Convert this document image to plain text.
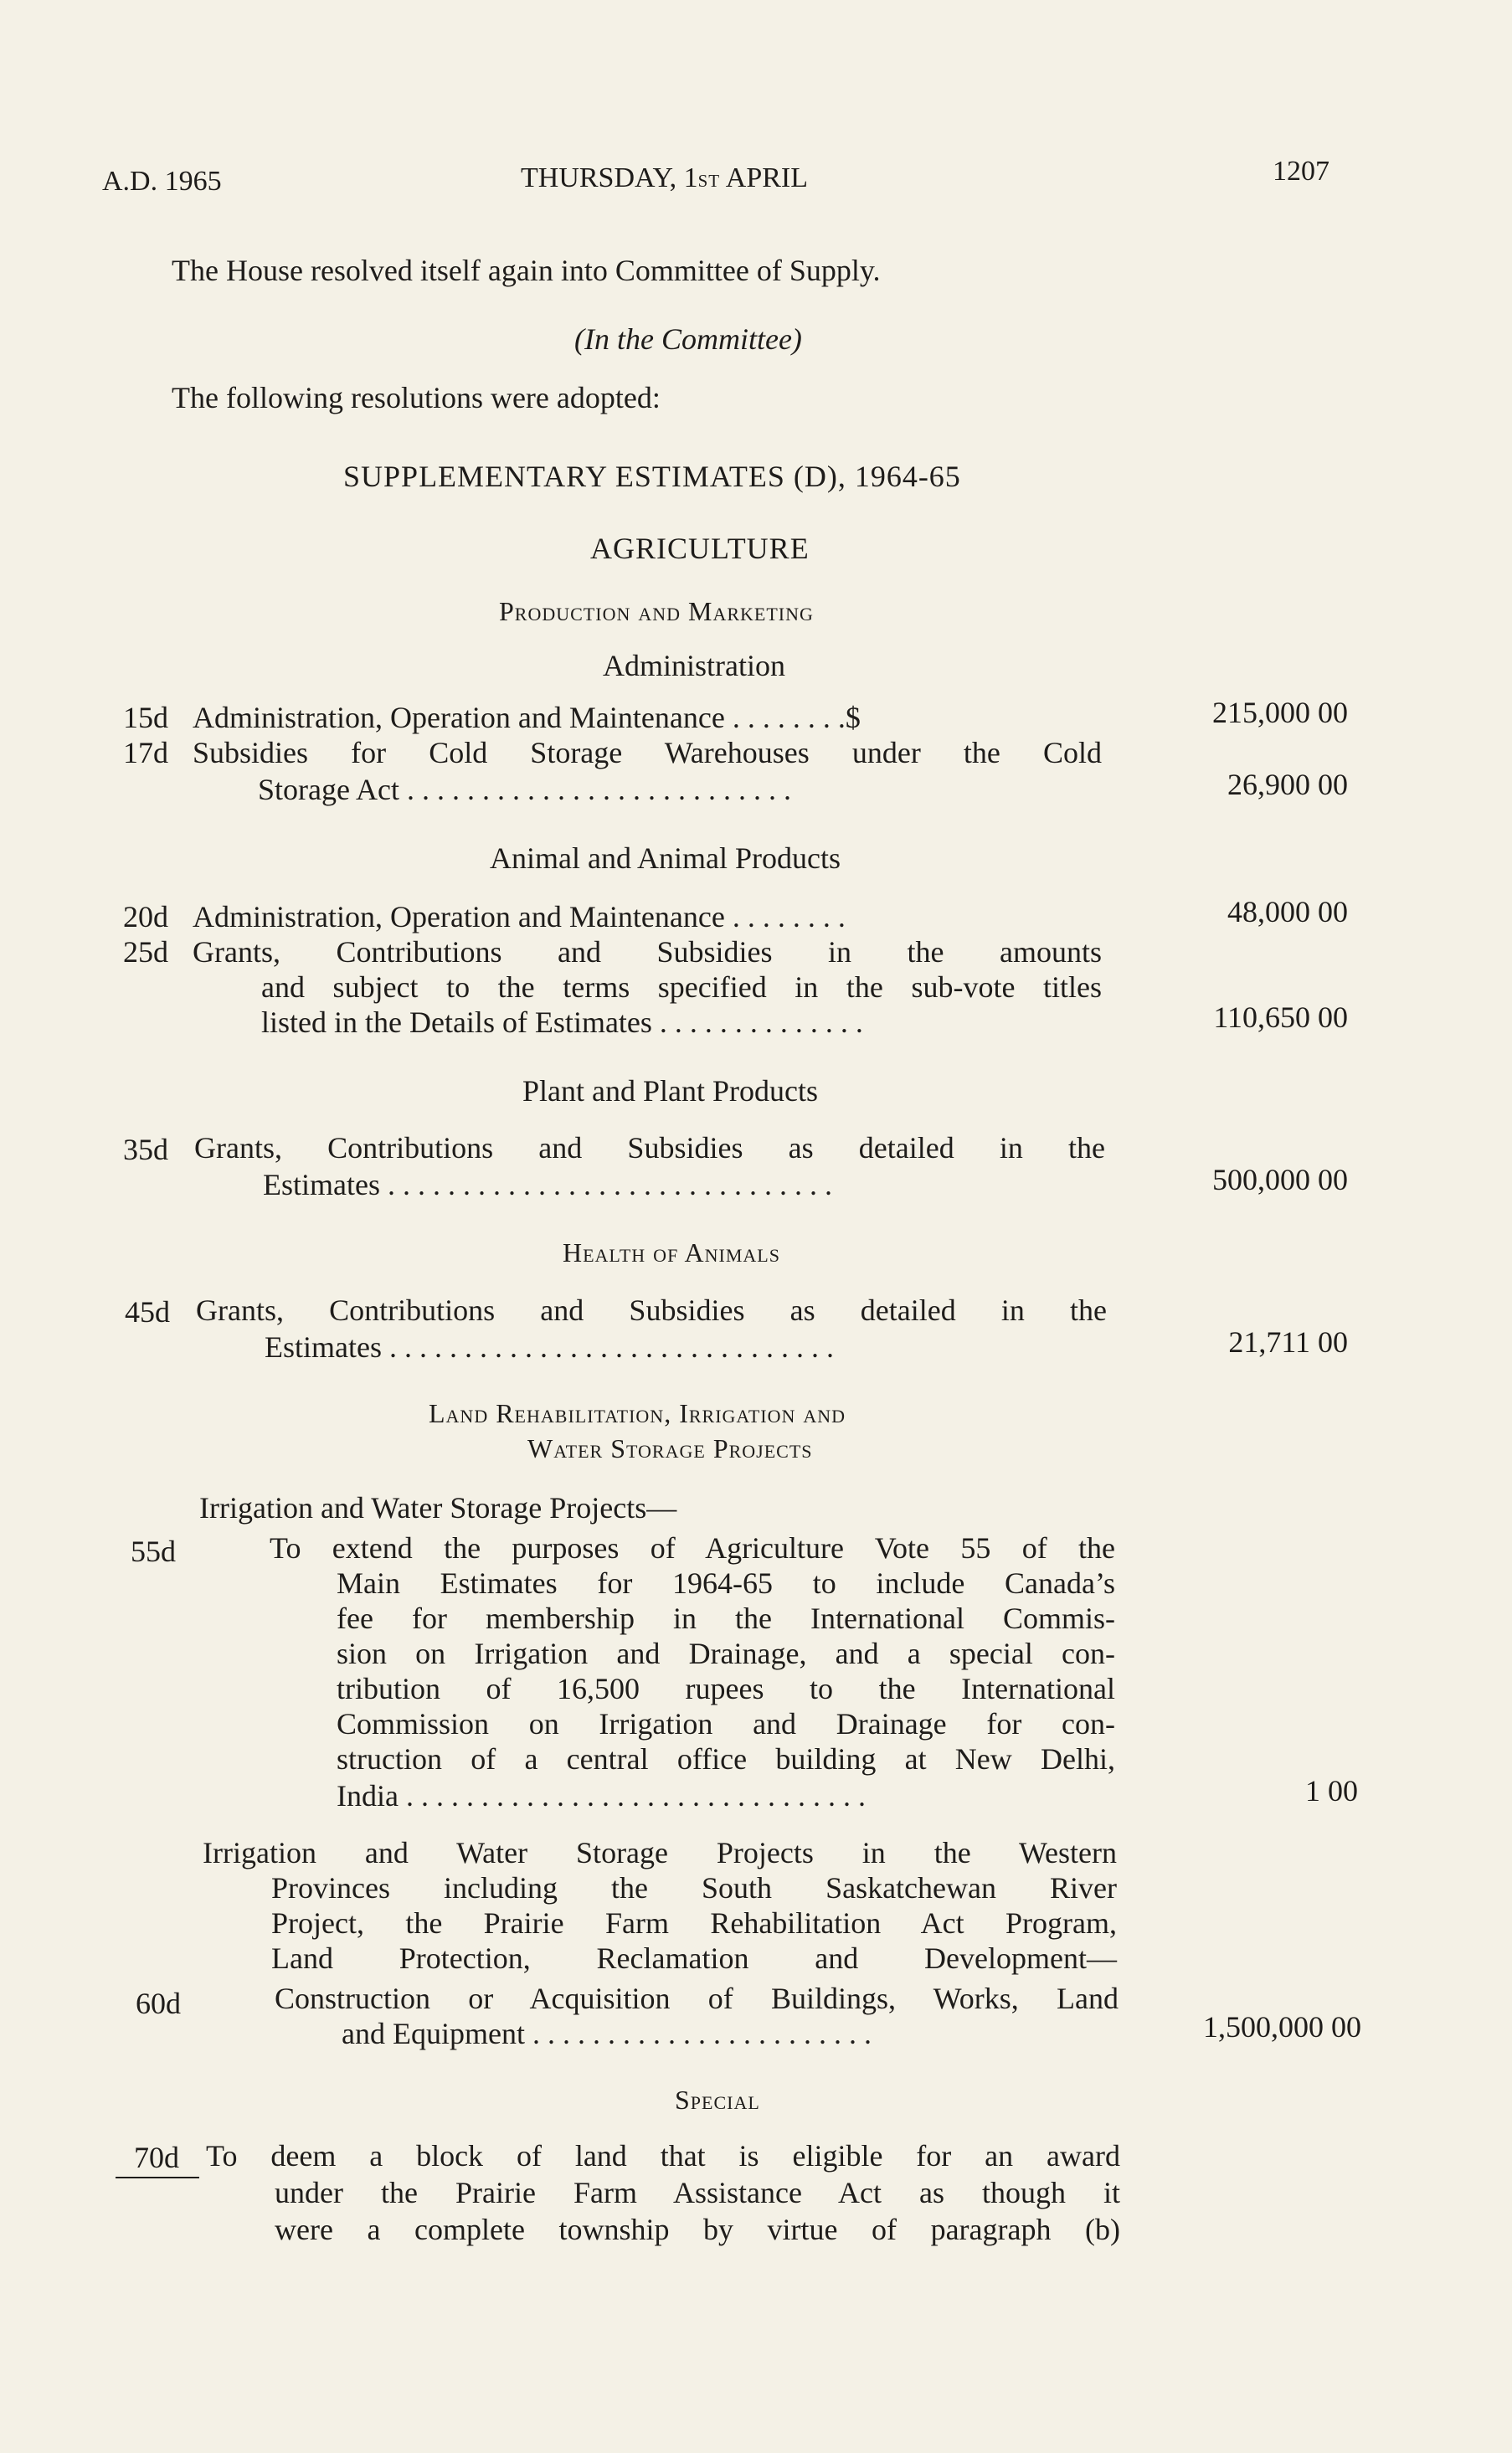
A.D. 1965	THURSDAY, 1st APRIL	1207
The House resolved itself again into Committee of Supply.
(In the Committee)
The following resolutions were adopted:
SUPPLEMENTARY ESTIMATES (D), 1964-65
AGRICULTURE
Production and Marketing
Administration
15d Administration, Operation and Maintenance . . . . . . . .$	215,000 00
17d Subsidies for Cold Storage Warehouses under the Cold
Storage Act . . . . . . . . . . . . . . . . . . . . . . . . . .	26,900 00
Animal and Animal Products
20d Administration, Operation and Maintenance . . . . . . . .	48,000 00
25d Grants, Contributions and Subsidies in the amounts
and subject to the terms specified in the sub-vote titles
listed in the Details of Estimates . . . . . . . . . . . . . .	110,650 00
Plant and Plant Products
35d Grants, Contributions and Subsidies as detailed in the
Estimates . . . . . . . . . . . . . . . . . . . . . . . . . . . . . .	500,000 00
Health of Animals
45d Grants, Contributions and Subsidies as detailed in the
Estimates . . . . . . . . . . . . . . . . . . . . . . . . . . . . . .	21,711 00
Land Rehabilitation, Irrigation and
Water Storage Projects
Irrigation and Water Storage Projects—
55d	To extend the purposes of Agriculture Vote 55 of the
Main Estimates for 1964-65 to include Canada’s
fee for membership in the International Commis-
sion on Irrigation and Drainage, and a special con-
tribution of 16,500 rupees to the International
Commission on Irrigation and Drainage for con-
struction of a central office building at New Delhi,
India . . . . . . . . . . . . . . . . . . . . . . . . . . . . . . .	1 00
Irrigation and Water Storage Projects in the Western
Provinces including the South Saskatchewan River
Project, the Prairie Farm Rehabilitation Act Program,
Land Protection, Reclamation and Development—
60d	Construction or Acquisition of Buildings, Works, Land
and Equipment . . . . . . . . . . . . . . . . . . . . . . .	1,500,000 00
Special
70d To deem a block of land that is eligible for an award
under the Prairie Farm Assistance Act as though it
were a complete township by virtue of paragraph (b)
